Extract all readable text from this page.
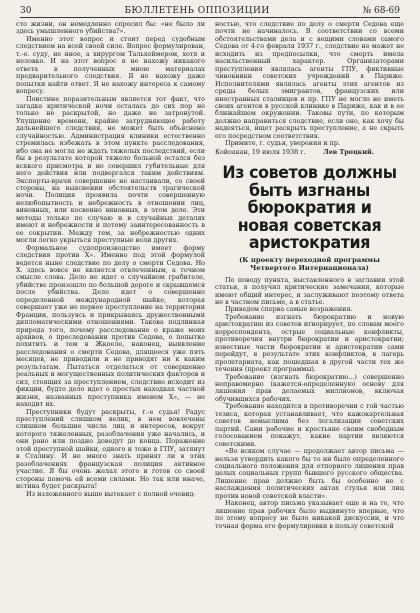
30	БЮЛЛЕТЕНЬ ОППОЗИЦИИ	№ 68-69

сто жизни, он немедленно спросил бы: «не было ли здесь умышленного убийства?».

Именно этот вопрос и стоит перед судебным следствием на всей своей силе. Вопрос формулирован, т.-е. суду, не иное, а хирургом Тальхеймером, хотя и неловко. И на этот вопрос я не нахожу никакого ответа в полученных мною материалах предварительного следствия. Я не нахожу даже попытки найти ответ. Я не нахожу интереса к самому вопросу.

Поистине поразительным является тот факт, что загадка критической ночи осталась до сих пор не только не раскрытой, но даже не затронутой. Упущение времени, крайне затрудняющее работу дальнейшего следствия, не может быть объяснено случайностью. Администрация клиники естественно стремилась избежать в этом пункте расследования, ибо она не могла не ждать тяжелых последствий, если бы в результате которой тяжело больной остался без всякого присмотра и не совершил губительные для него действия или подвергался таким действиям. Эксперты-врачи совершенно не настаивали, со своей стороны, на выяснении обстоятельств трагической ночи. Полиция проявила почти совершенную нелюбопытность и небрежность в отношении лиц, виновных, или косвенно виновных, в этом деле. Эти методы только по случаю и в случайных деталях имеют и небрежности и потому заинтересованность в ее сокрытии. Между тем, за небрежностью одних могли легко укрыться преступные воли других.

Формальное судопроизводство имеет форму следствия против Х». Именно под этой формулой ведется ныне следствие по делу о смерти Седова. Но X. здесь вовсе не является отвлеченным, а точном смысле слова. Дело не идет о случайном грабителе, убийстве произошло по большой дороге и скрывшемся после убийства. Дело идет о совершенно определенной международной шайке, которая совершает уже не первое преступление на территории Франции, пользуясь и прикрываясь дружественными дипломатическими отношениями. Такова подлинная природа того, почему расследование о краже моих архивов, о преследовании против Седова, о попытке похитить и тем в Жкоеле, наконец, выявление расследования о смерти Седова, длящееся уже пять месяцев, не приводили и не приводят ни к каким результатам. Пытаться отделаться от совершенно реальных и могущественных политических факторов и сил, стоящих за преступлением, следствие исходит из фикции, будто дело идет о простых находках частной жизни, названных преступника именем X», — не находит их.

Преступники будут раскрыты, т.-е судья! Радус преступлений слишком велик, в нем вовлечены слишком большие числа лиц и интересов, вокруг которого тяжеленных, разоблачения уже начались, и они рано или поздно доведут до конца. Поражение этой преступной шайки, одного и тоже в ГПУ, затянут в Сталину. И не много знать принят ли в этих разоблачениях французская полиция активное участие. Я бы очень желал этого и готов со своей стороны помочь ей всеми силами. Но так или иначе, истина будет раскрыта!

Из изложенного выше вытекает с полной очевид-

ностью, что следствие по делу о смерти Седова еще почти не начиналось. В соответствии со всеми обстоятельствами дела и с вещими словами самого Седова от 4-го февраля 1937 г., следствие не может не исходить из предпосылки, что смерть имела насильственный характер. Организаторами преступления являлась агенты ГПУ, фиктивные чиновники советских учреждений в Париже. Исполнителями являлась агенты этих агентов из среды белых эмигрантов, французских или иностранных сталинцев и пр. ГПУ не могло не иметь своих агентов в русской клинике в Париже, как и в ее ближайшем окружении. Таковы пути, по которым должно направиться следствие, если оно, как хочу бы надеяться, ищет раскрыть преступление, а не скрыть его посредством соответствия.

Примите, г. судья, уверения и пр.

Койоакан, 19 июля 1938 г.	Лев Троцкий.
Из советов должны быть изгнаны бюрократия и новая советская аристократия
(К проекту переходной программы
Четвертого Интернационала)

По поводу пункта, выставленного в заглавии этой статьи, я получил критические замечания, которые имеют общий интерес, и заслуживают поэтому ответа не в частном письме, а в статье.

Приведем сперва самые возражения.

Требование изгнать бюрократию и новую аристократию из советов игнорирует, по словам моего корреспондента, острые социальные конфликты, противоречия внутри бюрократии и аристократии; известные части бюрократии и аристократии сами перейдут, в результате этих конфликтов, в лагерь пролетариата, как пошедшая в другой части тех же течения (проект программы).

Требование (изгнать бюрократию...) совершенно неправомерно (кажется-определенную) основу для лишения прав делаемых миллионов, включая обучившихся рабочих.

Требование находится в противоречии с той частью тезиса, которая устанавливает, что кажокартельная советов немыслима без легализации советских партий. Сами рабочие и крестьяне своим свободным голосованием покажут, какие партии являются советскими.

«Во всяком случае — продолжает автор письма — нельзя утвердить какого бы то ни было определенного социального положения для отпорного лишения прав целых социальных групп бывшего русского общества. Лишение прав должно быть бы особенно не с наслаждения политических актах стулья или лиц против новой советской власти».

Наконец, автор письма указывает еще и на то, что лишение прав рабочих было выдвинуто впервые, что по этому вопросу не было никакой дискуссии, и что точная форма его формулировки в пользу советской
